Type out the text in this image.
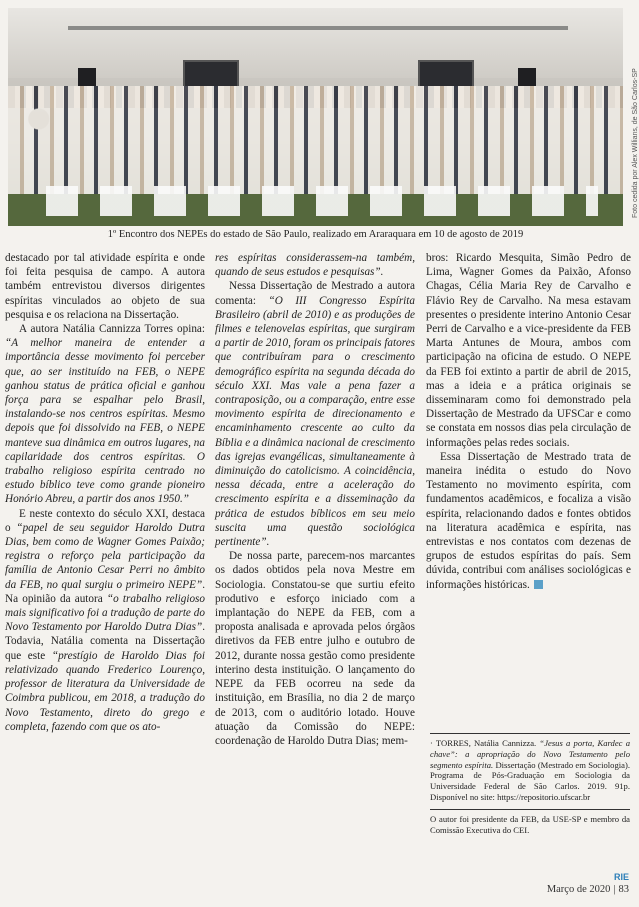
Foto cedida por Alex Willians, de São Carlos-SP
1º Encontro dos NEPEs do estado de São Paulo, realizado em Araraquara em 10 de agosto de 2019

destacado por tal atividade espírita e onde foi feita pesquisa de campo. A autora também entrevistou diversos dirigentes espíritas vinculados ao objeto de sua pesquisa e os relaciona na Dissertação.

A autora Natália Cannizza Torres opina: “A melhor maneira de entender a importância desse movimento foi perceber que, ao ser instituído na FEB, o NEPE ganhou status de prática oficial e ganhou força para se espalhar pelo Brasil, instalando-se nos centros espíritas. Mesmo depois que foi dissolvido na FEB, o NEPE manteve sua dinâmica em outros lugares, na capilaridade dos centros espíritas. O trabalho religioso espírita centrado no estudo bíblico teve como grande pioneiro Honório Abreu, a partir dos anos 1950.”

E neste contexto do século XXI, destaca o “papel de seu seguidor Haroldo Dutra Dias, bem como de Wagner Gomes Paixão; registra o reforço pela participação da família de Antonio Cesar Perri no âmbito da FEB, no qual surgiu o primeiro NEPE”. Na opinião da autora “o trabalho religioso mais significativo foi a tradução de parte do Novo Testamento por Haroldo Dutra Dias”. Todavia, Natália comenta na Dissertação que este “prestígio de Haroldo Dias foi relativizado quando Frederico Lourenço, professor de literatura da Universidade de Coimbra publicou, em 2018, a tradução do Novo Testamento, direto do grego e completa, fazendo com que os ato-

res espíritas considerassem-na também, quando de seus estudos e pesquisas”.

Nessa Dissertação de Mestrado a autora comenta: “O III Congresso Espírita Brasileiro (abril de 2010) e as produções de filmes e telenovelas espíritas, que surgiram a partir de 2010, foram os principais fatores que contribuíram para o crescimento demográfico espírita na segunda década do século XXI. Mas vale a pena fazer a contraposição, ou a comparação, entre esse movimento espírita de direcionamento e encaminhamento crescente ao culto da Bíblia e a dinâmica nacional de crescimento das igrejas evangélicas, simultaneamente à diminuição do catolicismo. A coincidência, nessa década, entre a aceleração do crescimento espírita e a disseminação da prática de estudos bíblicos em seu meio suscita uma questão sociológica pertinente”.

De nossa parte, parecem-nos marcantes os dados obtidos pela nova Mestre em Sociologia. Constatou-se que surtiu efeito produtivo e esforço iniciado com a implantação do NEPE da FEB, com a proposta analisada e aprovada pelos órgãos diretivos da FEB entre julho e outubro de 2012, durante nossa gestão como presidente interino desta instituição. O lançamento do NEPE da FEB ocorreu na sede da instituição, em Brasília, no dia 2 de março de 2013, com o auditório lotado. Houve atuação da Comissão do NEPE: coordenação de Haroldo Dutra Dias; mem-

bros: Ricardo Mesquita, Simão Pedro de Lima, Wagner Gomes da Paixão, Afonso Chagas, Célia Maria Rey de Carvalho e Flávio Rey de Carvalho. Na mesa estavam presentes o presidente interino Antonio Cesar Perri de Carvalho e a vice-presidente da FEB Marta Antunes de Moura, ambos com participação na oficina de estudo. O NEPE da FEB foi extinto a partir de abril de 2015, mas a ideia e a prática originais se disseminaram como foi demonstrado pela Dissertação de Mestrado da UFSCar e como se constata em nossos dias pela circulação de informações pelas redes sociais.

Essa Dissertação de Mestrado trata de maneira inédita o estudo do Novo Testamento no movimento espírita, com fundamentos acadêmicos, e focaliza a visão espírita, relacionando dados e fontes obtidos na literatura acadêmica e espírita, nas entrevistas e nos contatos com dezenas de grupos de estudos espíritas do país. Sem dúvida, contribui com análises sociológicas e informações históricas.

· TORRES, Natália Cannizza. “Jesus a porta, Kardec a chave”: a apropriação do Novo Testamento pelo segmento espírita. Dissertação (Mestrado em Sociologia). Programa de Pós-Graduação em Sociologia da Universidade Federal de São Carlos. 2019. 91p. Disponível no site: https://repositorio.ufscar.br

O autor foi presidente da FEB, da USE-SP e membro da Comissão Executiva do CEI.

RIE
Março de 2020 | 83
